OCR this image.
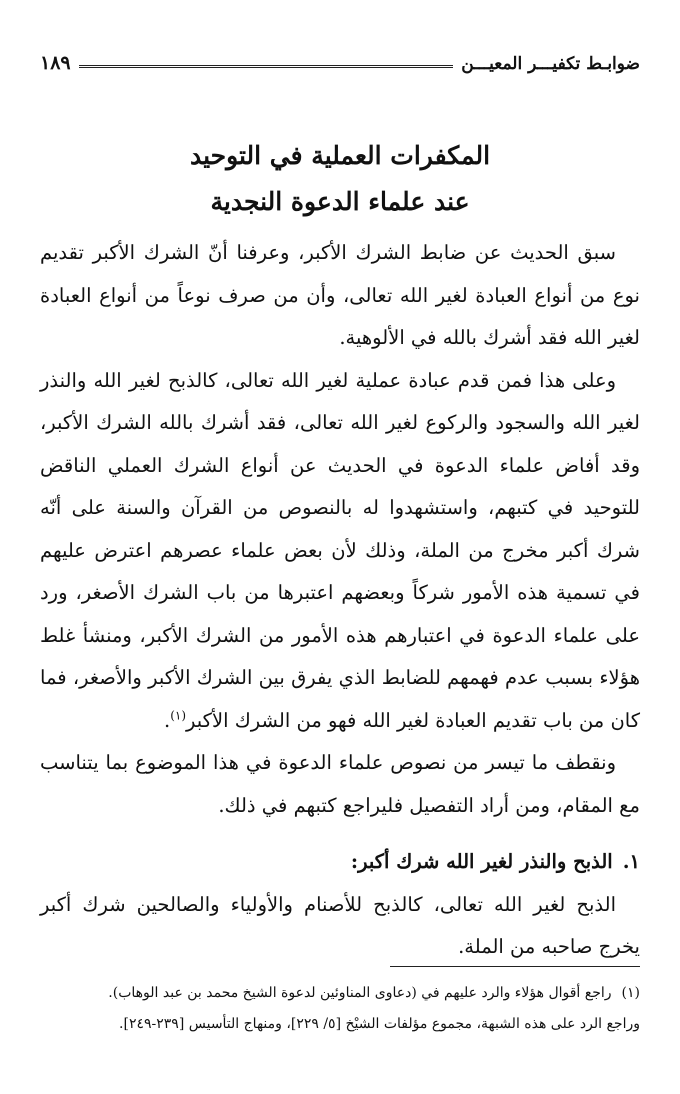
ضوابـط تكفيـــر المعيـــن
١٨٩
المكفرات العملية في التوحيد
عند علماء الدعوة النجدية

سبق الحديث عن ضابط الشرك الأكبر، وعرفنا أنّ الشرك الأكبر تقديم نوع من أنواع العبادة لغير الله تعالى، وأن من صرف نوعاً من أنواع العبادة لغير الله فقد أشرك بالله في الألوهية.

وعلى هذا فمن قدم عبادة عملية لغير الله تعالى، كالذبح لغير الله والنذر لغير الله والسجود والركوع لغير الله تعالى، فقد أشرك بالله الشرك الأكبر، وقد أفاض علماء الدعوة في الحديث عن أنواع الشرك العملي الناقض للتوحيد في كتبهم، واستشهدوا له بالنصوص من القرآن والسنة على أنّه شرك أكبر مخرج من الملة، وذلك لأن بعض علماء عصرهم اعترض عليهم في تسمية هذه الأمور شركاً وبعضهم اعتبرها من باب الشرك الأصغر، ورد على علماء الدعوة في اعتبارهم هذه الأمور من الشرك الأكبر، ومنشأ غلط هؤلاء بسبب عدم فهمهم للضابط الذي يفرق بين الشرك الأكبر والأصغر، فما كان من باب تقديم العبادة لغير الله فهو من الشرك الأكبر$^{(١)}$.

ونقطف ما تيسر من نصوص علماء الدعوة في هذا الموضوع بما يتناسب مع المقام، ومن أراد التفصيل فليراجع كتبهم في ذلك.

١.
الذبح والنذر لغير الله شرك أكبر:

الذبح لغير الله تعالى، كالذبح للأصنام والأولياء والصالحين شرك أكبر يخرج صاحبه من الملة.

(١)راجع أقوال هؤلاء والرد عليهم في (دعاوى المناوئين لدعوة الشيخ محمد بن عبد الوهاب).

وراجع الرد على هذه الشبهة، مجموع مؤلفات الشيْخ [٥/ ٢٢٩]، ومنهاج التأسيس [٢٣٩-٢٤٩].
